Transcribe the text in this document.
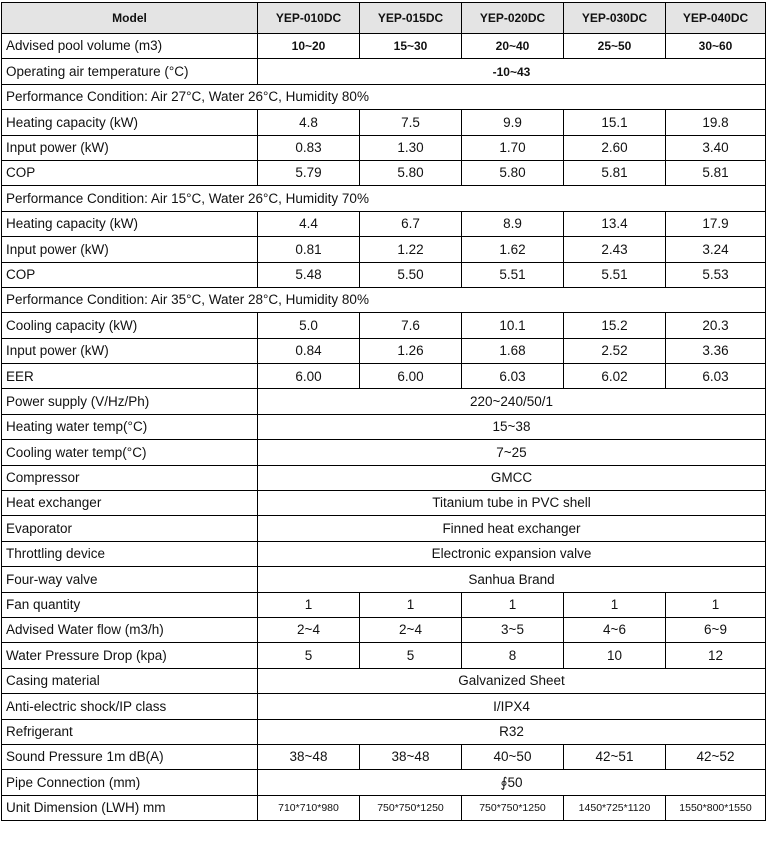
Model	YEP-010DC	YEP-015DC	YEP-020DC	YEP-030DC	YEP-040DC
Advised pool volume (m3)	10~20	15~30	20~40	25~50	30~60
Operating air temperature (°C)	-10~43				
Performance Condition: Air 27°C, Water 26°C, Humidity 80%					
Heating capacity (kW)	4.8	7.5	9.9	15.1	19.8
Input power (kW)	0.83	1.30	1.70	2.60	3.40
COP	5.79	5.80	5.80	5.81	5.81
Performance Condition: Air 15°C, Water 26°C, Humidity 70%					
Heating capacity (kW)	4.4	6.7	8.9	13.4	17.9
Input power (kW)	0.81	1.22	1.62	2.43	3.24
COP	5.48	5.50	5.51	5.51	5.53
Performance Condition: Air 35°C, Water 28°C, Humidity 80%					
Cooling capacity (kW)	5.0	7.6	10.1	15.2	20.3
Input power (kW)	0.84	1.26	1.68	2.52	3.36
EER	6.00	6.00	6.03	6.02	6.03
Power supply (V/Hz/Ph)	220~240/50/1				
Heating water temp(°C)	15~38				
Cooling water temp(°C)	7~25				
Compressor	GMCC				
Heat exchanger	Titanium tube in PVC shell				
Evaporator	Finned heat exchanger				
Throttling device	Electronic expansion valve				
Four-way valve	Sanhua Brand				
Fan quantity	1	1	1	1	1
Advised Water flow (m3/h)	2~4	2~4	3~5	4~6	6~9
Water Pressure Drop (kpa)	5	5	8	10	12
Casing material	Galvanized Sheet				
Anti-electric shock/IP class	I/IPX4				
Refrigerant	R32				
Sound Pressure 1m dB(A)	38~48	38~48	40~50	42~51	42~52
Pipe Connection (mm)	∮50				
Unit Dimension (LWH) mm	710*710*980	750*750*1250	750*750*1250	1450*725*1120	1550*800*1550
